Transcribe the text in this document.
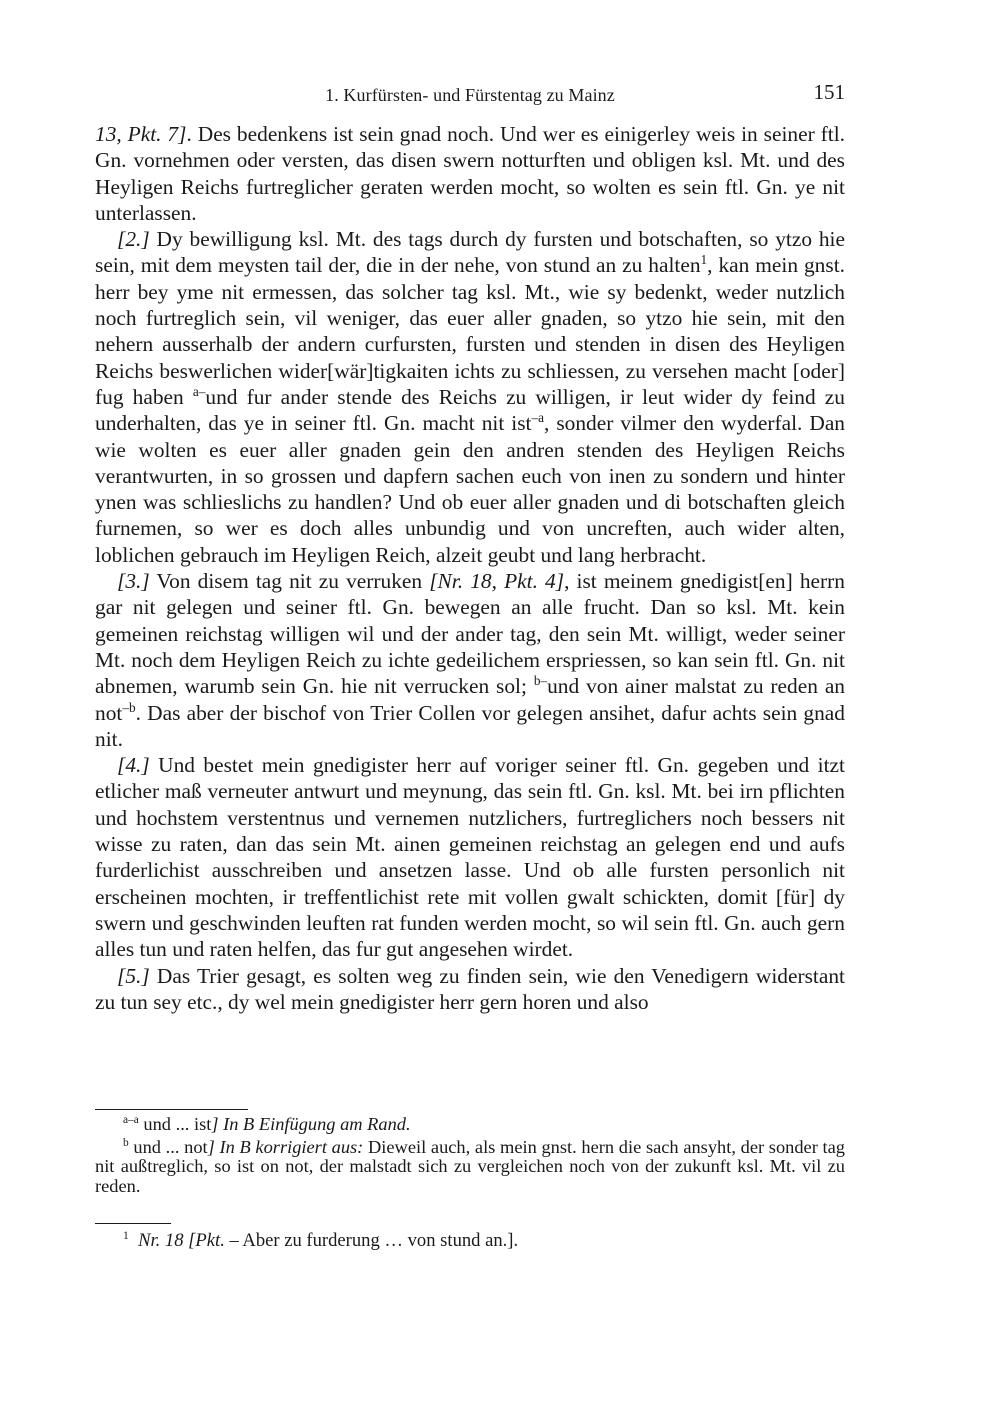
1. Kurfürsten- und Fürstentag zu Mainz	151

13, Pkt. 7]. Des bedenkens ist sein gnad noch. Und wer es einigerley weis in seiner ftl. Gn. vornehmen oder versten, das disen swern notturften und obligen ksl. Mt. und des Heyligen Reichs furtreglicher geraten werden mocht, so wolten es sein ftl. Gn. ye nit unterlassen.

[2.] Dy bewilligung ksl. Mt. des tags durch dy fursten und botschaften, so ytzo hie sein, mit dem meysten tail der, die in der nehe, von stund an zu halten$^1$, kan mein gnst. herr bey yme nit ermessen, das solcher tag ksl. Mt., wie sy bedenkt, weder nutzlich noch furtreglich sein, vil weniger, das euer aller gnaden, so ytzo hie sein, mit den nehern ausserhalb der andern curfursten, fursten und stenden in disen des Heyligen Reichs beswerlichen wider[wär]tigkaiten ichts zu schliessen, zu versehen macht [oder] fug haben $^{a-}$und fur ander stende des Reichs zu willigen, ir leut wider dy feind zu underhalten, das ye in seiner ftl. Gn. macht nit ist$^{-a}$, sonder vilmer den wyderfal. Dan wie wolten es euer aller gnaden gein den andren stenden des Heyligen Reichs verantwurten, in so grossen und dapfern sachen euch von inen zu sondern und hinter ynen was schlieslichs zu handlen? Und ob euer aller gnaden und di botschaften gleich furnemen, so wer es doch alles unbundig und von uncreften, auch wider alten, loblichen gebrauch im Heyligen Reich, alzeit geubt und lang herbracht.

[3.] Von disem tag nit zu verruken [Nr. 18, Pkt. 4], ist meinem gnedigist[en] herrn gar nit gelegen und seiner ftl. Gn. bewegen an alle frucht. Dan so ksl. Mt. kein gemeinen reichstag willigen wil und der ander tag, den sein Mt. willigt, weder seiner Mt. noch dem Heyligen Reich zu ichte gedeilichem erspriessen, so kan sein ftl. Gn. nit abnemen, warumb sein Gn. hie nit verrucken sol; $^{b-}$und von ainer malstat zu reden an not$^{-b}$. Das aber der bischof von Trier Collen vor gelegen ansihet, dafur achts sein gnad nit.

[4.] Und bestet mein gnedigister herr auf voriger seiner ftl. Gn. gegeben und itzt etlicher maß verneuter antwurt und meynung, das sein ftl. Gn. ksl. Mt. bei irn pflichten und hochstem verstentnus und vernemen nutzlichers, furtreglichers noch bessers nit wisse zu raten, dan das sein Mt. ainen gemeinen reichstag an gelegen end und aufs furderlichist ausschreiben und ansetzen lasse. Und ob alle fursten personlich nit erscheinen mochten, ir treffentlichist rete mit vollen gwalt schickten, domit [für] dy swern und geschwinden leuften rat funden werden mocht, so wil sein ftl. Gn. auch gern alles tun und raten helfen, das fur gut angesehen wirdet.

[5.] Das Trier gesagt, es solten weg zu finden sein, wie den Venedigern widerstant zu tun sey etc., dy wel mein gnedigister herr gern horen und also

$^{a-a}$ und ... ist] In B Einfügung am Rand.

$^b$ und ... not] In B korrigiert aus: Dieweil auch, als mein gnst. hern die sach ansyht, der sonder tag nit außtreglich, so ist on not, der malstadt sich zu vergleichen noch von der zukunft ksl. Mt. vil zu reden.

$^1$ Nr. 18 [Pkt. – Aber zu furderung … von stund an.].
